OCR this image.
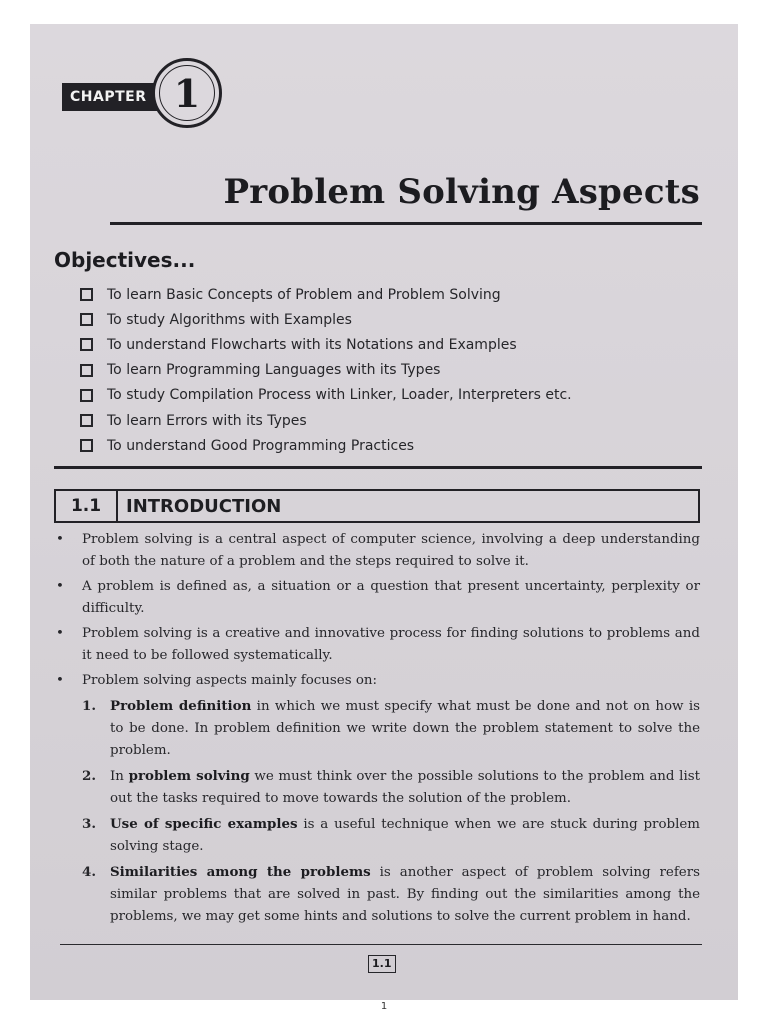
CHAPTER 1
Problem Solving Aspects
Objectives...
To learn Basic Concepts of Problem and Problem Solving
To study Algorithms with Examples
To understand Flowcharts with its Notations and Examples
To learn Programming Languages with its Types
To study Compilation Process with Linker, Loader, Interpreters etc.
To learn Errors with its Types
To understand Good Programming Practices
1.1	INTRODUCTION
• Problem solving is a central aspect of computer science, involving a deep understanding of both the nature of a problem and the steps required to solve it.
• A problem is defined as, a situation or a question that present uncertainty, perplexity or difficulty.
• Problem solving is a creative and innovative process for finding solutions to problems and it need to be followed systematically.
• Problem solving aspects mainly focuses on:
1. Problem definition in which we must specify what must be done and not on how is to be done. In problem definition we write down the problem statement to solve the problem.
2. In problem solving we must think over the possible solutions to the problem and list out the tasks required to move towards the solution of the problem.
3. Use of specific examples is a useful technique when we are stuck during problem solving stage.
4. Similarities among the problems is another aspect of problem solving refers similar problems that are solved in past. By finding out the similarities among the problems, we may get some hints and solutions to solve the current problem in hand.
1.1
1
